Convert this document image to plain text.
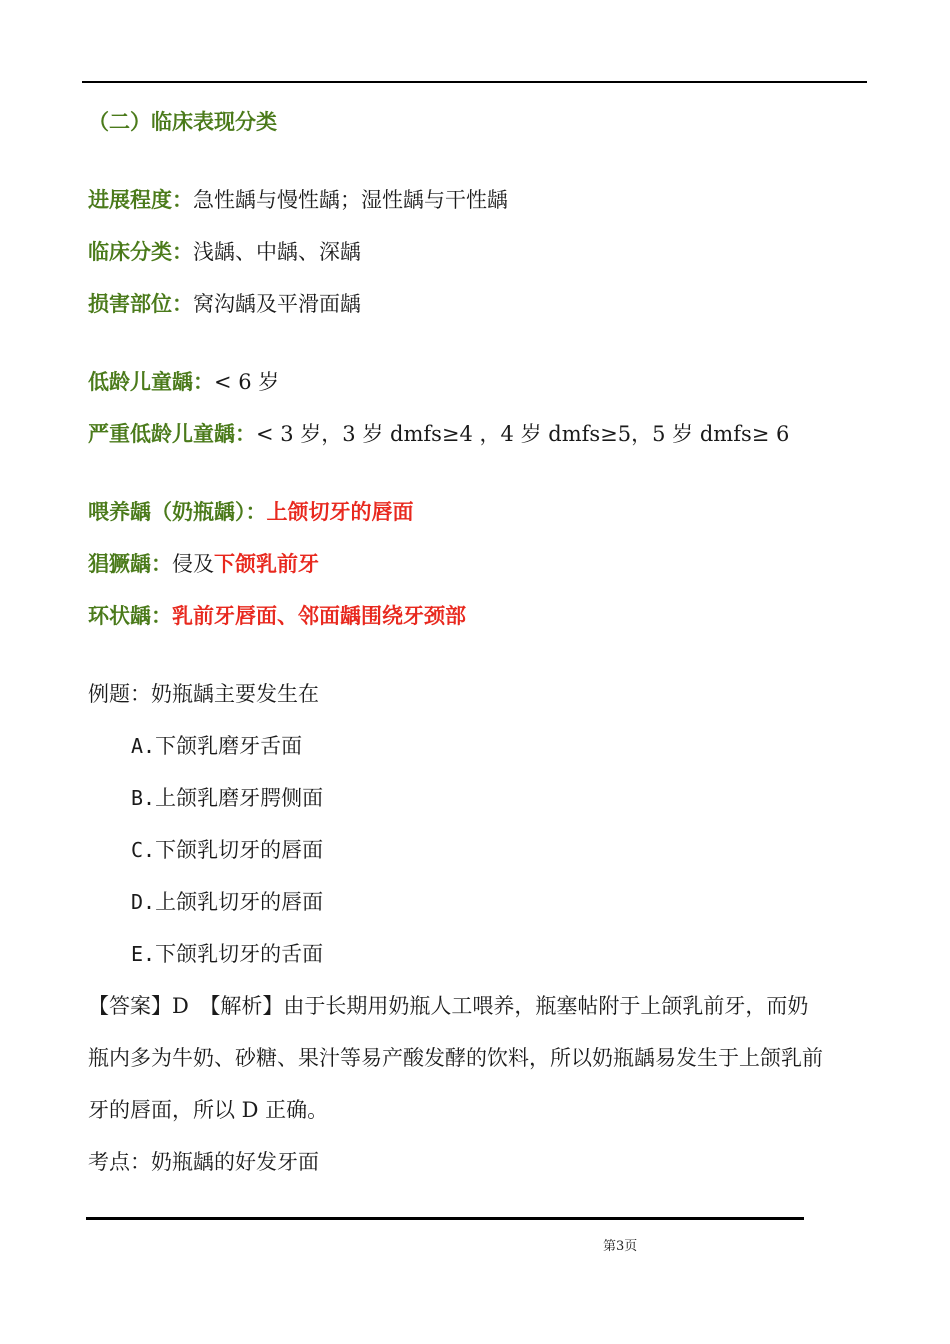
（二）临床表现分类
进展程度：急性龋与慢性龋；湿性龋与干性龋
临床分类：浅龋、中龋、深龋
损害部位：窝沟龋及平滑面龋
低龄儿童龋：< 6 岁
严重低龄儿童龋：< 3 岁，3 岁 dmfs≥4 ，4 岁 dmfs≥5，5 岁 dmfs≥ 6
喂养龋（奶瓶龋）：上颌切牙的唇面
猖獗龋：侵及下颌乳前牙
环状龋：乳前牙唇面、邻面龋围绕牙颈部
例题：奶瓶龋主要发生在
A.下颌乳磨牙舌面
B.上颌乳磨牙腭侧面
C.下颌乳切牙的唇面
D.上颌乳切牙的唇面
E.下颌乳切牙的舌面
【答案】D　【解析】由于长期用奶瓶人工喂养，瓶塞帖附于上颌乳前牙，而奶
瓶内多为牛奶、砂糖、果汁等易产酸发酵的饮料，所以奶瓶龋易发生于上颌乳前
牙的唇面，所以 D 正确。
考点：奶瓶龋的好发牙面
第3页
